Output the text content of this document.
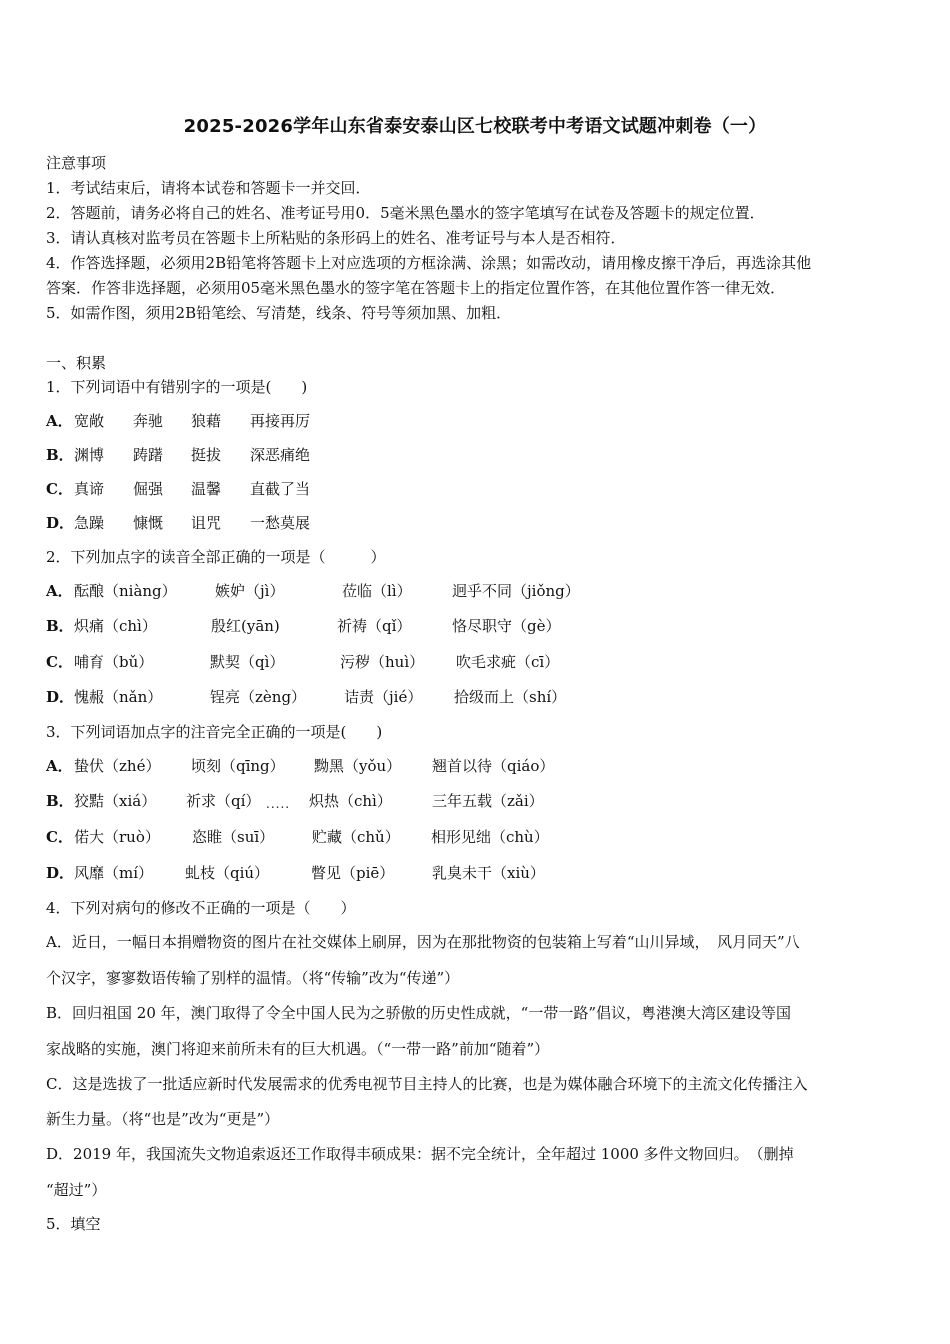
2025-2026学年山东省泰安泰山区七校联考中考语文试题冲刺卷（一）
注意事项
1．考试结束后，请将本试卷和答题卡一并交回．
2．答题前，请务必将自己的姓名、准考证号用0．5毫米黑色墨水的签字笔填写在试卷及答题卡的规定位置．
3．请认真核对监考员在答题卡上所粘贴的条形码上的姓名、准考证号与本人是否相符．
4．作答选择题，必须用2B铅笔将答题卡上对应选项的方框涂满、涂黑；如需改动，请用橡皮擦干净后，再选涂其他
答案．作答非选择题，必须用05毫米黑色墨水的签字笔在答题卡上的指定位置作答，在其他位置作答一律无效．
5．如需作图，须用2B铅笔绘、写清楚，线条、符号等须加黑、加粗．
一、积累
1．下列词语中有错别字的一项是(　　)
A．宽敞 奔驰 狼藉 再接再厉
B．渊博 踌躇 挺拔 深恶痛绝
C．真谛 倔强 温馨 直截了当
D．急躁 慷慨 诅咒 一愁莫展
2．下列加点字的读音全部正确的一项是（　　　）
A．酝酿（niàng）	嫉妒（jì）	莅临（lì）	迥乎不同（jiǒng）
B．炽痛（chì）	殷红(yān)	祈祷（qǐ）	恪尽职守（gè）
C．哺育（bǔ）	默契（qì）	污秽（huì） 吹毛求疵（cī）
D．愧赧（nǎn）	锃亮（zèng）	诘责（jié） 拾级而上（shí）
3．下列词语加点字的注音完全正确的一项是(　　)
A．蛰伏（zhé） 顷刻（qīng） 黝黑（yǒu） 翘首以待（qiáo）
B．狡黠（xiá） 祈求（qí）	炽热（chì）	三年五载（zǎi）
.....
C．偌大（ruò） 恣睢（suī）	贮藏（chǔ） 相形见绌（chù）
D．风靡（mí） 虬枝（qiú）	瞥见（piē）	乳臭未干（xiù）
4．下列对病句的修改不正确的一项是（　　）
A．近日，一幅日本捐赠物资的图片在社交媒体上刷屏，因为在那批物资的包装箱上写着“山川异域，　风月同天”八
个汉字，寥寥数语传输了别样的温情。（将“传输”改为“传递”）
B．回归祖国 20 年，澳门取得了令全中国人民为之骄傲的历史性成就，“一带一路”倡议，粤港澳大湾区建设等国
家战略的实施，澳门将迎来前所未有的巨大机遇。（“一带一路”前加“随着”）
C．这是选拔了一批适应新时代发展需求的优秀电视节目主持人的比赛，也是为媒体融合环境下的主流文化传播注入
新生力量。（将“也是”改为“更是”）
D．2019 年，我国流失文物追索返还工作取得丰硕成果：据不完全统计，全年超过 1000 多件文物回归。　（删掉
“超过”）
5．填空
